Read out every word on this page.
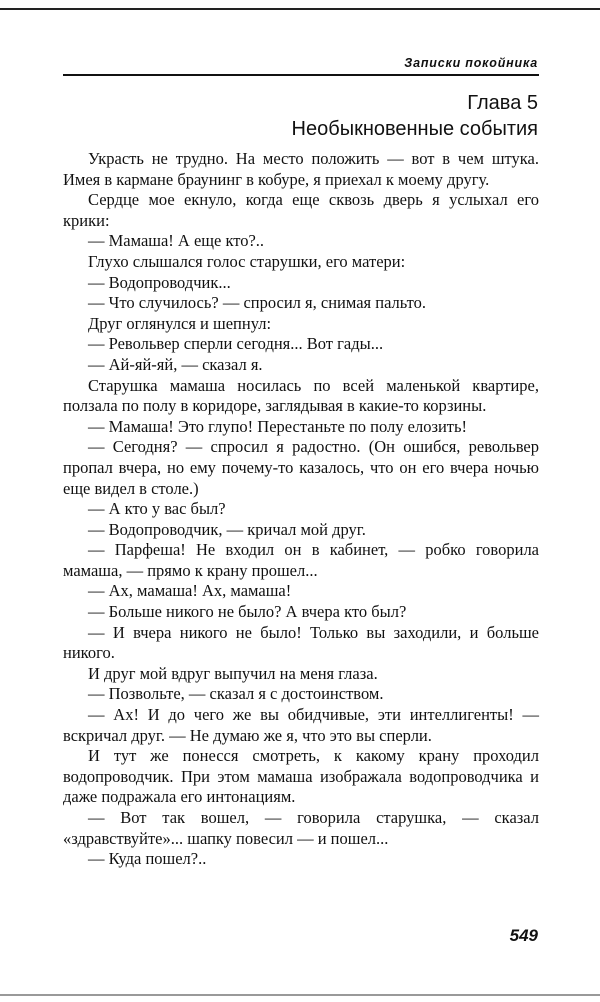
Записки покойника
Глава 5
Необыкновенные события

Украсть не трудно. На место положить — вот в чем штука. Имея в кармане браунинг в кобуре, я приехал к моему другу.

Сердце мое екнуло, когда еще сквозь дверь я услыхал его крики:

— Мамаша! А еще кто?..

Глухо слышался голос старушки, его матери:

— Водопроводчик...

— Что случилось? — спросил я, снимая пальто.

Друг оглянулся и шепнул:

— Револьвер сперли сегодня... Вот гады...

— Ай-яй-яй, — сказал я.

Старушка мамаша носилась по всей маленькой квартире, ползала по полу в коридоре, заглядывая в какие-то корзины.

— Мамаша! Это глупо! Перестаньте по полу елозить!

— Сегодня? — спросил я радостно. (Он ошибся, револьвер пропал вчера, но ему почему-то казалось, что он его вчера ночью еще видел в столе.)

— А кто у вас был?

— Водопроводчик, — кричал мой друг.

— Парфеша! Не входил он в кабинет, — робко говорила мамаша, — прямо к крану прошел...

— Ах, мамаша! Ах, мамаша!

— Больше никого не было? А вчера кто был?

— И вчера никого не было! Только вы заходили, и больше никого.

И друг мой вдруг выпучил на меня глаза.

— Позвольте, — сказал я с достоинством.

— Ах! И до чего же вы обидчивые, эти интеллигенты! — вскричал друг. — Не думаю же я, что это вы сперли.

И тут же понесся смотреть, к какому крану проходил водопроводчик. При этом мамаша изображала водопроводчика и даже подражала его интонациям.

— Вот так вошел, — говорила старушка, — сказал «здравствуйте»... шапку повесил — и пошел...

— Куда пошел?..

549
